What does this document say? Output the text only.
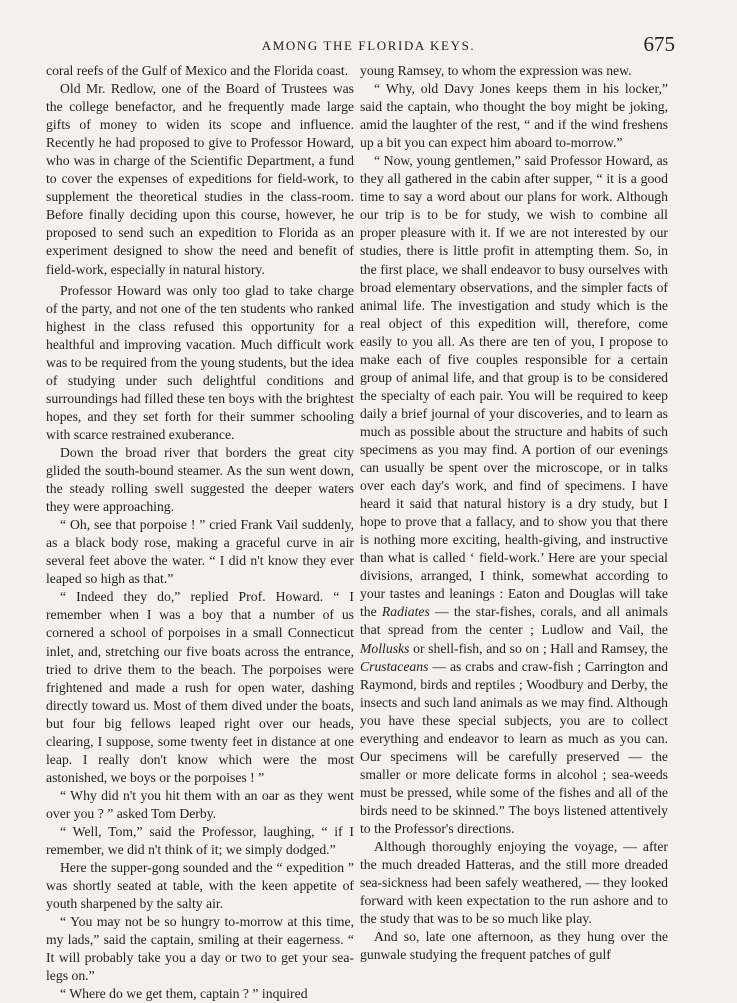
AMONG THE FLORIDA KEYS.	675

coral reefs of the Gulf of Mexico and the Florida coast.

Old Mr. Redlow, one of the Board of Trustees was the college benefactor, and he frequently made large gifts of money to widen its scope and influence. Recently he had proposed to give to Professor Howard, who was in charge of the Scientific Department, a fund to cover the expenses of expeditions for field-work, to supplement the theoretical studies in the class-room. Before finally deciding upon this course, however, he proposed to send such an expedition to Florida as an experiment designed to show the need and benefit of field-work, especially in natural history.

Professor Howard was only too glad to take charge of the party, and not one of the ten students who ranked highest in the class refused this opportunity for a healthful and improving vacation. Much difficult work was to be required from the young students, but the idea of studying under such delightful conditions and surroundings had filled these ten boys with the brightest hopes, and they set forth for their summer schooling with scarce restrained exuberance.

Down the broad river that borders the great city glided the south-bound steamer. As the sun went down, the steady rolling swell suggested the deeper waters they were approaching.

“ Oh, see that porpoise ! ” cried Frank Vail suddenly, as a black body rose, making a graceful curve in air several feet above the water. “ I did n't know they ever leaped so high as that.”

“ Indeed they do,” replied Prof. Howard. “ I remember when I was a boy that a number of us cornered a school of porpoises in a small Connecticut inlet, and, stretching our five boats across the entrance, tried to drive them to the beach. The porpoises were frightened and made a rush for open water, dashing directly toward us. Most of them dived under the boats, but four big fellows leaped right over our heads, clearing, I suppose, some twenty feet in distance at one leap. I really don't know which were the most astonished, we boys or the porpoises ! ”

“ Why did n't you hit them with an oar as they went over you ? ” asked Tom Derby.

“ Well, Tom,” said the Professor, laughing, “ if I remember, we did n't think of it; we simply dodged.”

Here the supper-gong sounded and the “ expedition ” was shortly seated at table, with the keen appetite of youth sharpened by the salty air.

“ You may not be so hungry to-morrow at this time, my lads,” said the captain, smiling at their eagerness. “ It will probably take you a day or two to get your sea-legs on.”

“ Where do we get them, captain ? ” inquired

young Ramsey, to whom the expression was new.

“ Why, old Davy Jones keeps them in his locker,” said the captain, who thought the boy might be joking, amid the laughter of the rest, “ and if the wind freshens up a bit you can expect him aboard to-morrow.”

“ Now, young gentlemen,” said Professor Howard, as they all gathered in the cabin after supper, “ it is a good time to say a word about our plans for work. Although our trip is to be for study, we wish to combine all proper pleasure with it. If we are not interested by our studies, there is little profit in attempting them. So, in the first place, we shall endeavor to busy ourselves with broad elementary observations, and the simpler facts of animal life. The investigation and study which is the real object of this expedition will, therefore, come easily to you all. As there are ten of you, I propose to make each of five couples responsible for a certain group of animal life, and that group is to be considered the specialty of each pair. You will be required to keep daily a brief journal of your discoveries, and to learn as much as possible about the structure and habits of such specimens as you may find. A portion of our evenings can usually be spent over the microscope, or in talks over each day's work, and find of specimens. I have heard it said that natural history is a dry study, but I hope to prove that a fallacy, and to show you that there is nothing more exciting, health-giving, and instructive than what is called ‘ field-work.’ Here are your special divisions, arranged, I think, somewhat according to your tastes and leanings : Eaton and Douglas will take the Radiates — the star-fishes, corals, and all animals that spread from the center ; Ludlow and Vail, the Mollusks or shell-fish, and so on ; Hall and Ramsey, the Crustaceans — as crabs and craw-fish ; Carrington and Raymond, birds and reptiles ; Woodbury and Derby, the insects and such land animals as we may find. Although you have these special subjects, you are to collect everything and endeavor to learn as much as you can. Our specimens will be carefully preserved — the smaller or more delicate forms in alcohol ; sea-weeds must be pressed, while some of the fishes and all of the birds need to be skinned.” The boys listened attentively to the Professor's directions.

Although thoroughly enjoying the voyage, — after the much dreaded Hatteras, and the still more dreaded sea-sickness had been safely weathered, — they looked forward with keen expectation to the run ashore and to the study that was to be so much like play.

And so, late one afternoon, as they hung over the gunwale studying the frequent patches of gulf
